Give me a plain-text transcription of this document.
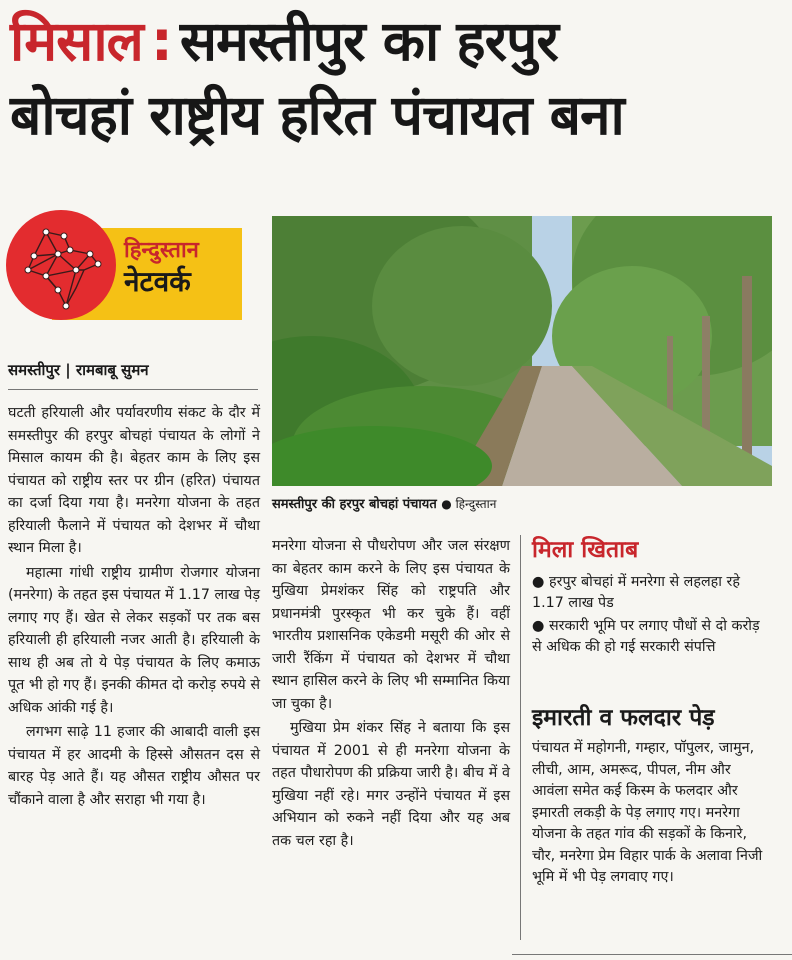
मिसाल : समस्तीपुर का हरपुर
बोचहां राष्ट्रीय हरित पंचायत बना
हिन्दुस्तान
नेटवर्क
समस्तीपुर | रामबाबू सुमन
समस्तीपुर की हरपुर बोचहां पंचायत ● हिन्दुस्तान

घटती हरियाली और पर्यावरणीय संकट के दौर में समस्तीपुर की हरपुर बोचहां पंचायत के लोगों ने मिसाल कायम की है। बेहतर काम के लिए इस पंचायत को राष्ट्रीय स्तर पर ग्रीन (हरित) पंचायत का दर्जा दिया गया है। मनरेगा योजना के तहत हरियाली फैलाने में पंचायत को देशभर में चौथा स्थान मिला है।

महात्मा गांधी राष्ट्रीय ग्रामीण रोजगार योजना (मनरेगा) के तहत इस पंचायत में 1.17 लाख पेड़ लगाए गए हैं। खेत से लेकर सड़कों पर तक बस हरियाली ही हरियाली नजर आती है। हरियाली के साथ ही अब तो ये पेड़ पंचायत के लिए कमाऊ पूत भी हो गए हैं। इनकी कीमत दो करोड़ रुपये से अधिक आंकी गई है।

लगभग साढ़े 11 हजार की आबादी वाली इस पंचायत में हर आदमी के हिस्से औसतन दस से बारह पेड़ आते हैं। यह औसत राष्ट्रीय औसत पर चौंकाने वाला है और सराहा भी गया है।

मनरेगा योजना से पौधरोपण और जल संरक्षण का बेहतर काम करने के लिए इस पंचायत के मुखिया प्रेमशंकर सिंह को राष्ट्रपति और प्रधानमंत्री पुरस्कृत भी कर चुके हैं। वहीं भारतीय प्रशासनिक एकेडमी मसूरी की ओर से जारी रैंकिंग में पंचायत को देशभर में चौथा स्थान हासिल करने के लिए भी सम्मानित किया जा चुका है।

मुखिया प्रेम शंकर सिंह ने बताया कि इस पंचायत में 2001 से ही मनरेगा योजना के तहत पौधारोपण की प्रक्रिया जारी है। बीच में वे मुखिया नहीं रहे। मगर उन्होंने पंचायत में इस अभियान को रुकने नहीं दिया और यह अब तक चल रहा है।

मिला खिताब
● हरपुर बोचहां में मनरेगा से लहलहा रहे 1.17 लाख पेड
● सरकारी भूमि पर लगाए पौधों से दो करोड़ से अधिक की हो गई सरकारी संपत्ति
इमारती व फलदार पेड़
पंचायत में महोगनी, गम्हार, पॉपुलर, जामुन, लीची, आम, अमरूद, पीपल, नीम और आवंला समेत कई किस्म के फलदार और इमारती लकड़ी के पेड़ लगाए गए। मनरेगा योजना के तहत गांव की सड़कों के किनारे, चौर, मनरेगा प्रेम विहार पार्क के अलावा निजी भूमि में भी पेड़ लगवाए गए।
